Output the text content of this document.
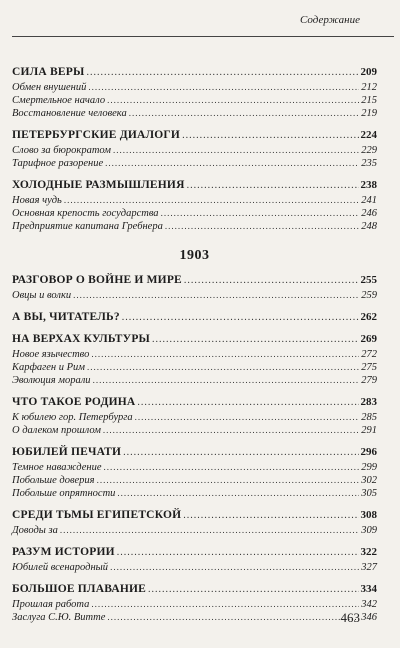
Содержание
СИЛА ВЕРЫ .....	209
Обмен внушений .....	212
Смертельное начало .....	215
Восстановление человека .....	219
ПЕТЕРБУРГСКИЕ ДИАЛОГИ .....	224
Слово за бюрократом .....	229
Тарифное разорение .....	235
ХОЛОДНЫЕ РАЗМЫШЛЕНИЯ .....	238
Новая чудь .....	241
Основная крепость государства .....	246
Предприятие капитана Гребнера .....	248
1903
РАЗГОВОР О ВОЙНЕ И МИРЕ .....	255
Овцы и волки .....	259
А ВЫ, ЧИТАТЕЛЬ? .....	262
НА ВЕРХАХ КУЛЬТУРЫ .....	269
Новое язычество .....	272
Карфаген и Рим .....	275
Эволюция морали .....	279
ЧТО ТАКОЕ РОДИНА .....	283
К юбилею гор. Петербурга .....	285
О далеком прошлом .....	291
ЮБИЛЕЙ ПЕЧАТИ .....	296
Темное наваждение .....	299
Побольше доверия .....	302
Побольше опрятности .....	305
СРЕДИ ТЬМЫ ЕГИПЕТСКОЙ .....	308
Доводы за .....	309
РАЗУМ ИСТОРИИ .....	322
Юбилей всенародный .....	327
БОЛЬШОЕ ПЛАВАНИЕ .....	334
Прошлая работа .....	342
Заслуга С.Ю. Витте .....	346
463
